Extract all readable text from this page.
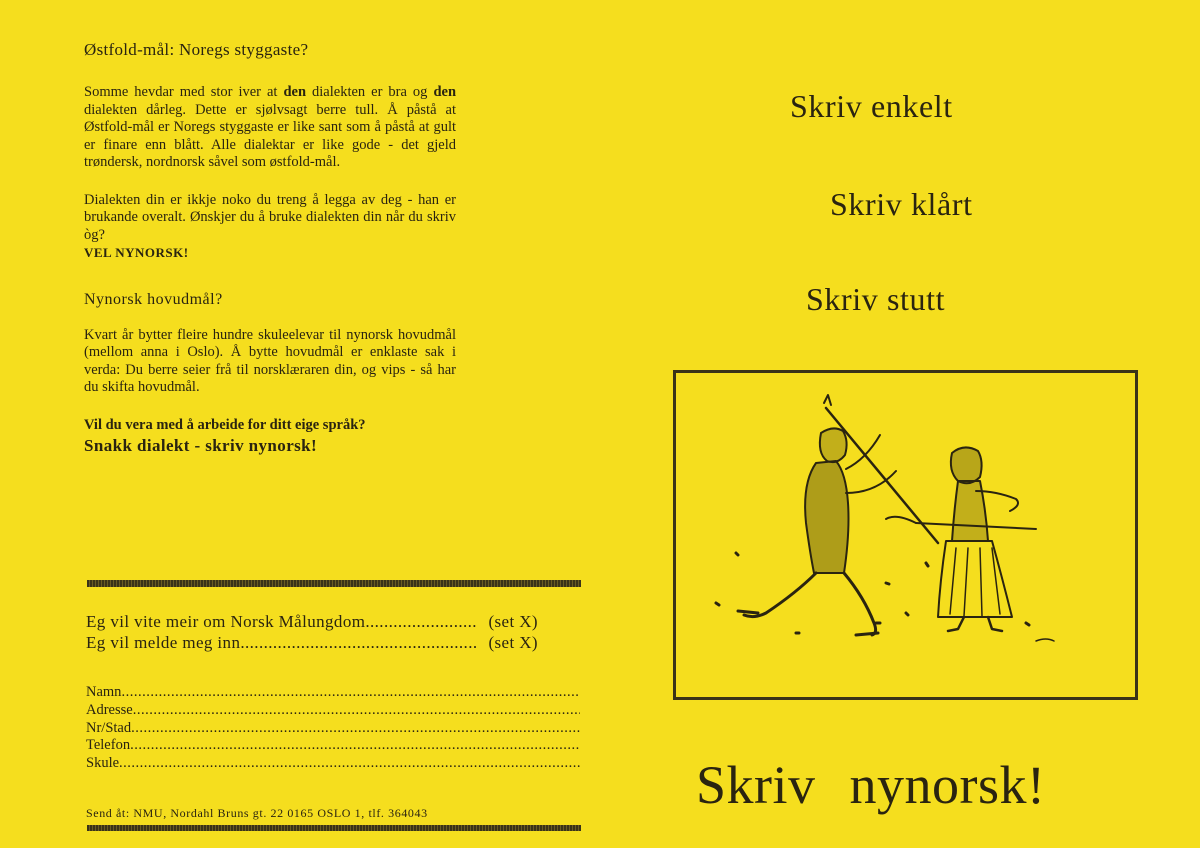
Østfold-mål: Noregs styggaste?

Somme hevdar med stor iver at den dialekten er bra og den dialekten dårleg. Dette er sjølvsagt berre tull. Å påstå at Østfold-mål er Noregs styggaste er like sant som å påstå at gult er finare enn blått. Alle dialektar er like gode - det gjeld trøndersk, nordnorsk såvel som østfold-mål.

Dialekten din er ikkje noko du treng å legga av deg - han er brukande overalt. Ønskjer du å bruke dialekten din når du skriv òg?
VEL NYNORSK!

Nynorsk hovudmål?

Kvart år bytter fleire hundre skuleelevar til nynorsk hovudmål (mellom anna i Oslo). Å bytte hovudmål er enklaste sak i verda: Du berre seier frå til norsklæraren din, og vips - så har du skifta hovudmål.

Vil du vera med å arbeide for ditt eige språk?

Snakk dialekt - skriv nynorsk!

Eg vil vite meir om Norsk Målungdom .....	(set X)
Eg vil melde meg inn .....	(set X)
Namn
.....
Adresse
.....
Nr/Stad
.....
Telefon
.....
Skule
.....
Send åt: NMU, Nordahl Bruns gt. 22 0165 OSLO 1, tlf. 364043
Skriv enkelt
Skriv klårt
Skriv stutt
Skriv nynorsk!
